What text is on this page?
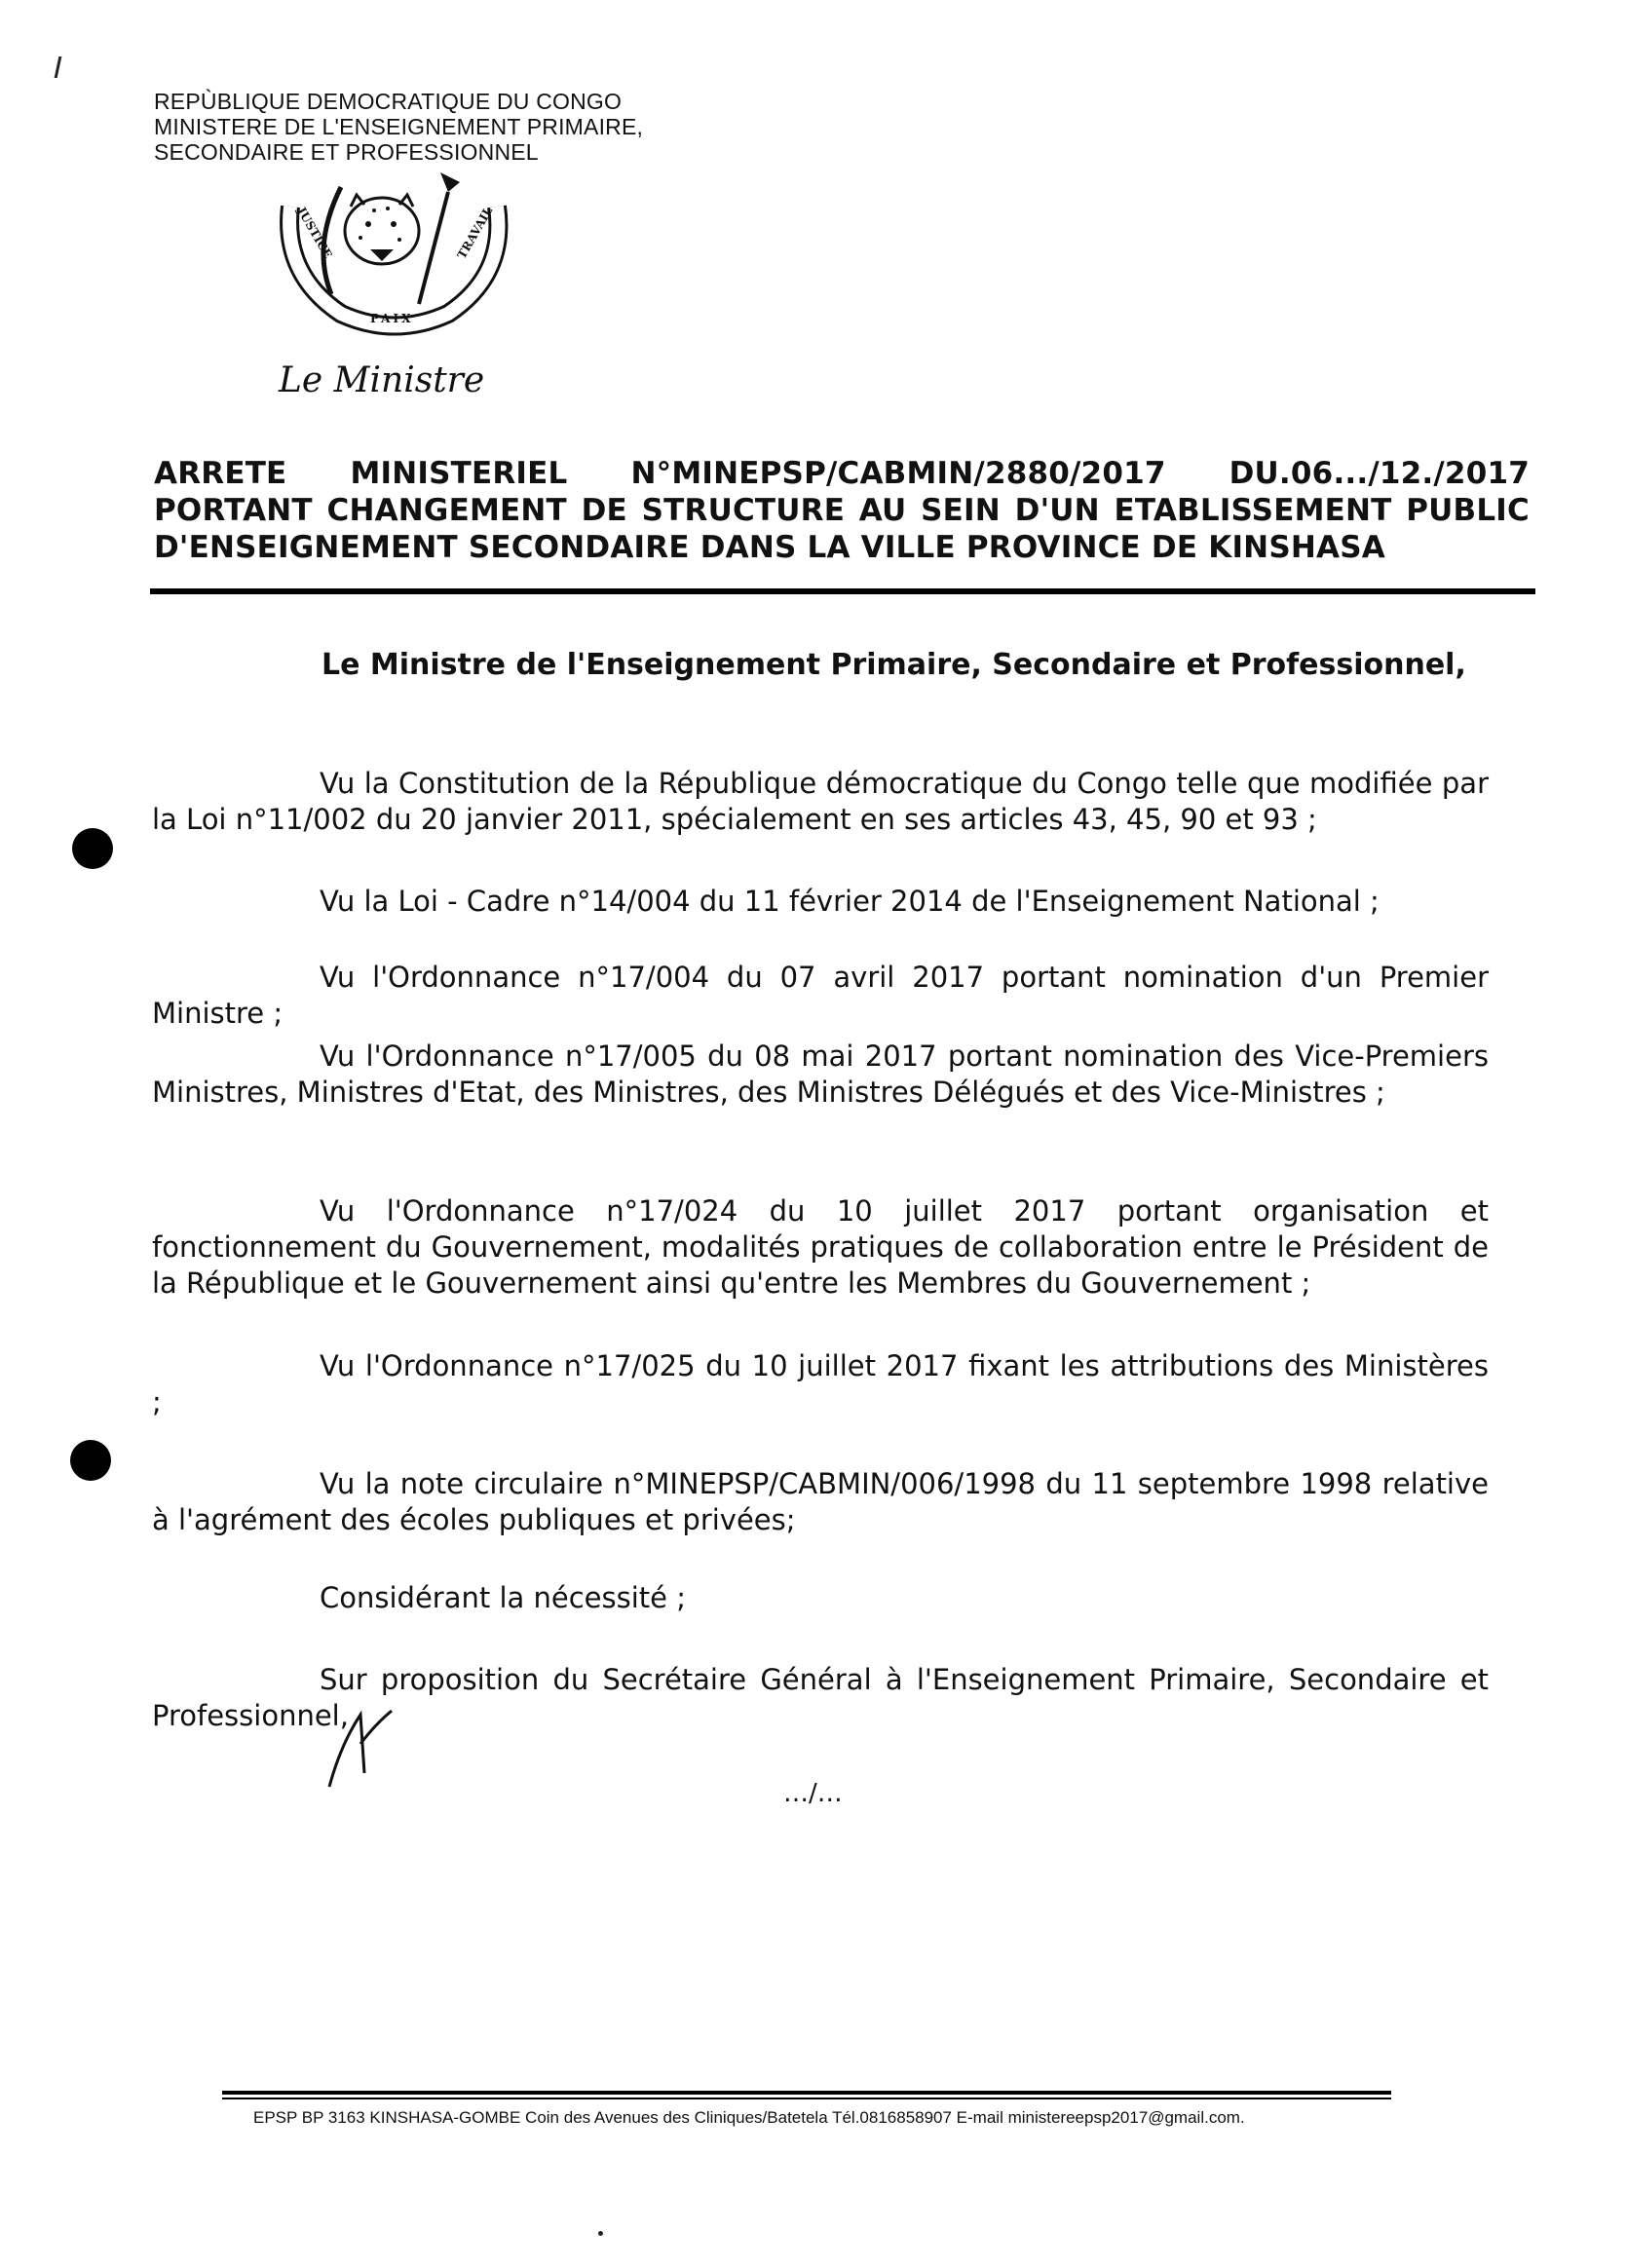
REPÙBLIQUE DEMOCRATIQUE DU CONGO
MINISTERE DE L'ENSEIGNEMENT PRIMAIRE,
SECONDAIRE ET PROFESSIONNEL
JUSTICE
PAIX
TRAVAIL
Le Ministre
ARRETE MINISTERIEL N°MINEPSP/CABMIN/2880/2017 DU.06.../12./2017
PORTANT CHANGEMENT DE STRUCTURE AU SEIN D'UN ETABLISSEMENT PUBLIC
D'ENSEIGNEMENT SECONDAIRE DANS LA VILLE PROVINCE DE KINSHASA
Le Ministre de l'Enseignement Primaire, Secondaire et Professionnel,
Vu la Constitution de la République démocratique du Congo telle que modifiée par la Loi n°11/002 du 20 janvier 2011, spécialement en ses articles 43, 45, 90 et 93 ;
Vu la Loi - Cadre n°14/004 du 11 février 2014 de l'Enseignement National ;
Vu l'Ordonnance n°17/004 du 07 avril 2017 portant nomination d'un Premier Ministre ;
Vu l'Ordonnance n°17/005 du 08 mai 2017 portant nomination des Vice-Premiers Ministres, Ministres d'Etat, des Ministres, des Ministres Délégués et des Vice-Ministres ;
Vu l'Ordonnance n°17/024 du 10 juillet 2017 portant organisation et fonctionnement du Gouvernement, modalités pratiques de collaboration entre le Président de la République et le Gouvernement ainsi qu'entre les Membres du Gouvernement ;
Vu l'Ordonnance n°17/025 du 10 juillet 2017 fixant les attributions des Ministères ;
Vu la note circulaire n°MINEPSP/CABMIN/006/1998 du 11 septembre 1998 relative à l'agrément des écoles publiques et privées;
Considérant la nécessité ;
Sur proposition du Secrétaire Général à l'Enseignement Primaire, Secondaire et Professionnel,
…/…
EPSP BP 3163 KINSHASA-GOMBE Coin des Avenues des Cliniques/Batetela Tél.0816858907 E-mail ministereepsp2017@gmail.com.
